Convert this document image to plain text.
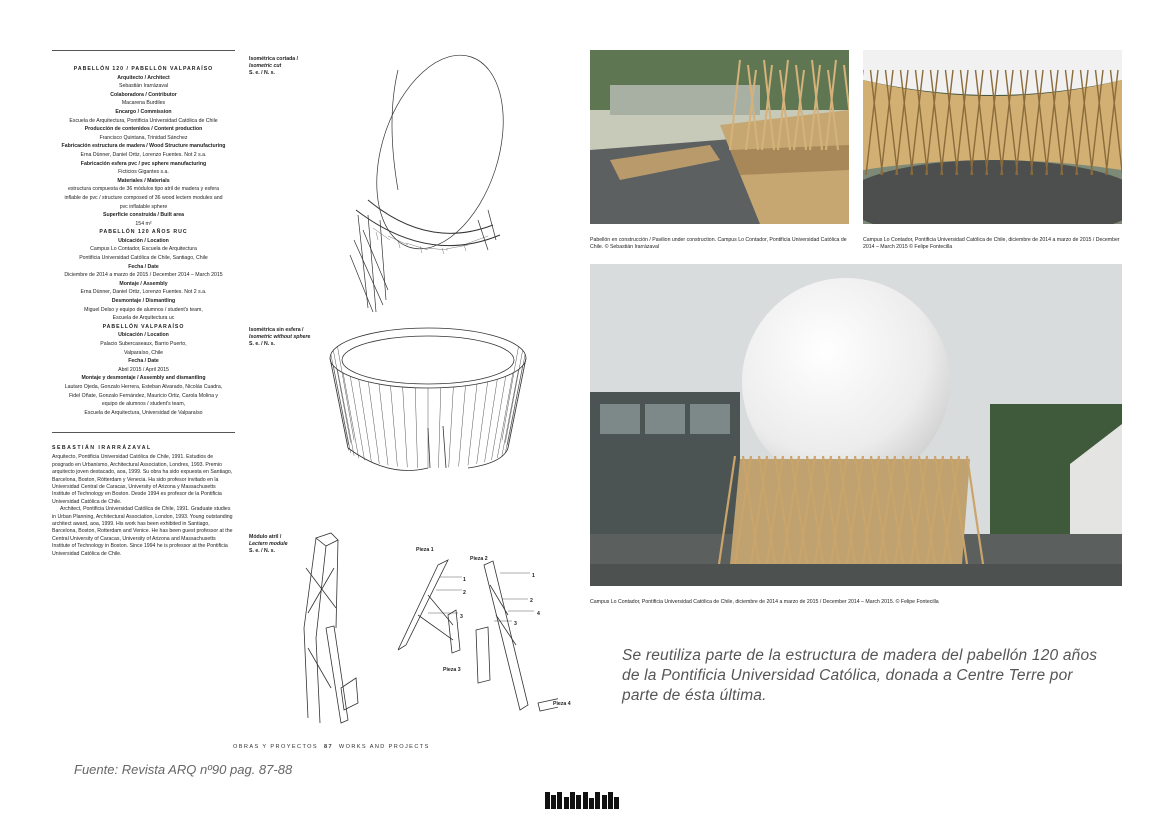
PABELLÓN 120 / PABELLÓN VALPARAÍSO
Arquitecto / Architect
Sebastián Irarrázaval
Colaboradora / Contributor
Macarena Burdiles
Encargo / Commission
Escuela de Arquitectura, Pontificia Universidad Católica de Chile
Producción de contenidos / Content production
Francisco Quintana, Trinidad Sánchez
Fabricación estructura de madera / Wood Structure manufacturing
Erna Dünner, Daniel Ortiz, Lorenzo Fuentes. Not 2 s.a.
Fabricación esfera pvc / pvc sphere manufacturing
Ficticios Gigantes s.a.
Materiales / Materials
estructura compuesta de 36 módulos tipo atril de madera y esfera
inflable de pvc / structure composed of 36 wood lectern modules and
pvc inflatable sphere
Superficie construida / Built area
154 m²
PABELLÓN 120 AÑOS RUC
Ubicación / Location
Campus Lo Contador, Escuela de Arquitectura
Pontificia Universidad Católica de Chile, Santiago, Chile
Fecha / Date
Diciembre de 2014 a marzo de 2015 / December 2014 – March 2015
Montaje / Assembly
Erna Dünner, Daniel Ortiz, Lorenzo Fuentes. Not 2 s.a.
Desmontaje / Dismantling
Miguel Delso y equipo de alumnos / student's team,
Escuela de Arquitectura uc
PABELLÓN VALPARAÍSO
Ubicación / Location
Palacio Subercaseaux, Barrio Puerto,
Valparaíso, Chile
Fecha / Date
Abril 2015 / April 2015
Montaje y desmontaje / Assembly and dismantling
Lautaro Ojeda, Gonzalo Herrera, Esteban Alvarado, Nicolás Cuadra,
Fidel Oñate, Gonzalo Fernández, Mauricio Ortiz, Carola Molina y
equipo de alumnos / student's team,
Escuela de Arquitectura, Universidad de Valparaíso
SEBASTIÁN IRARRÁZAVAL

Arquitecto, Pontificia Universidad Católica de Chile, 1991. Estudios de posgrado en Urbanismo, Architectural Association, Londres, 1993. Premio arquitecto joven destacado, aoa, 1999. Su obra ha sido expuesta en Santiago, Barcelona, Boston, Rótterdam y Venecia. Ha sido profesor invitado en la Universidad Central de Caracas, University of Arizona y Massachusetts Institute of Technology en Boston. Desde 1994 es profesor de la Pontificia Universidad Católica de Chile.

Architect, Pontificia Universidad Católica de Chile, 1991. Graduate studies in Urban Planning, Architectural Association, London, 1993. Young outstanding architect award, aoa, 1999. His work has been exhibited in Santiago, Barcelona, Boston, Rotterdam and Venice. He has been guest professor at the Central University of Caracas, University of Arizona and Massachusetts Institute of Technology in Boston. Since 1994 he is professor at the Pontificia Universidad Católica de Chile.

Isométrica cortada /
Isometric cut
S. e. / N. s.
Isométrica sin esfera /
Isometric without sphere
S. e. / N. s.
Módulo atril /
Lectern module
S. e. / N. s.	Pieza 1
Pieza 2
Pieza 3
Pieza 4
1
2
3
1
2
4
3
Pabellón en construcción / Pavilion under construction. Campus Lo Contador, Pontificia Universidad Católica de Chile. © Sebastián Irarrázaval
Campus Lo Contador, Pontificia Universidad Católica de Chile, diciembre de 2014 a marzo de 2015 / December 2014 – March 2015 © Felipe Fontecilla
Campus Lo Contador, Pontificia Universidad Católica de Chile, diciembre de 2014 a marzo de 2015 / December 2014 – March 2015. © Felipe Fontecilla
Se reutiliza parte de la estructura de madera del pabellón 120 años de la Pontificia Universidad Católica, donada a Centre Terre por parte de ésta última.
OBRAS Y PROYECTOS 87 WORKS AND PROJECTS
Fuente: Revista ARQ nº90 pag. 87-88
